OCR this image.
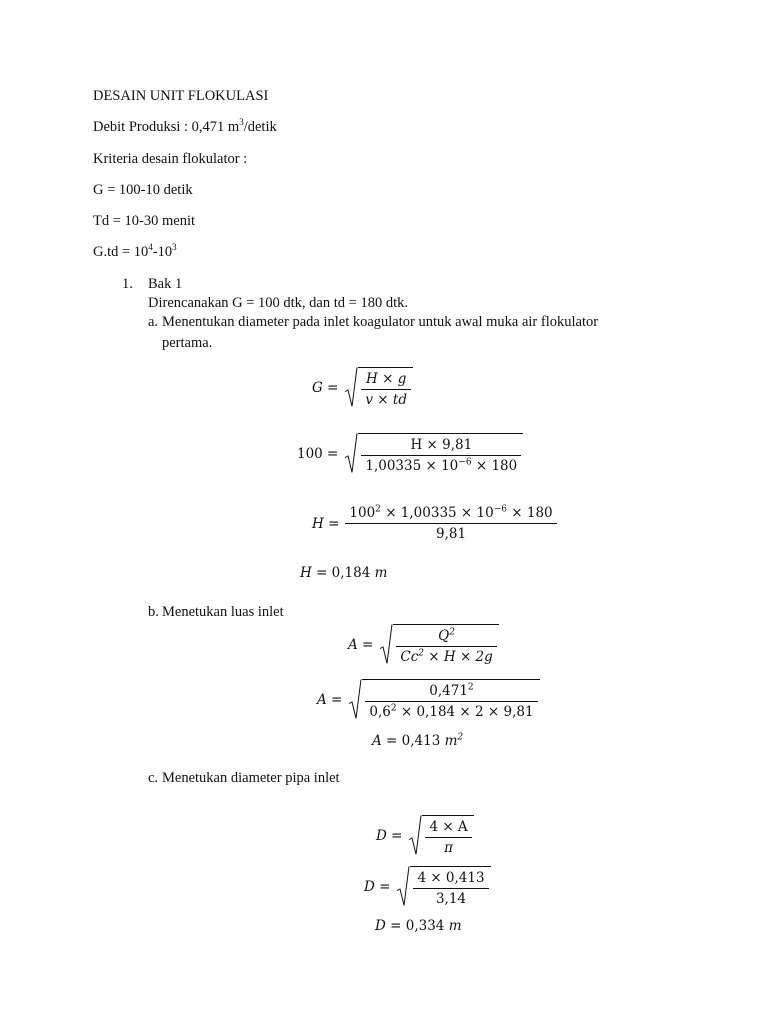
DESAIN UNIT FLOKULASI
Debit Produksi : 0,471 $m^3$/detik
Kriteria desain flokulator :
G = 100-10 detik
Td = 10-30 menit
$G.td = 10^4-10^3$
1. Bak 1
Direncanakan G = 100 dtk, dan td = 180 dtk.
a. Menentukan diameter pada inlet koagulator untuk awal muka air flokulator
pertama.
$G = \frac{H \times g}{v \times td}$
$100 = \frac{H \times 9,81}{1,00335 \times 10^{-6} \times 180}$
$H = \frac{100^2 \times 1,00335 \times 10^{-6} \times 180}{9,81}$
H = 0,184 m
b. Menetukan luas inlet
$A = \frac{Q^2}{Cc^2 \times H \times 2g}$
$A = \frac{0,471^2}{0,6^2 \times 0,184 \times 2 \times 9,81}$
A = 0,413 $m^2$
c. Menetukan diameter pipa inlet
$D = \frac{4 \times A}{\pi}$
$D = \frac{4 \times 0,413}{3,14}$
D = 0,334 m
